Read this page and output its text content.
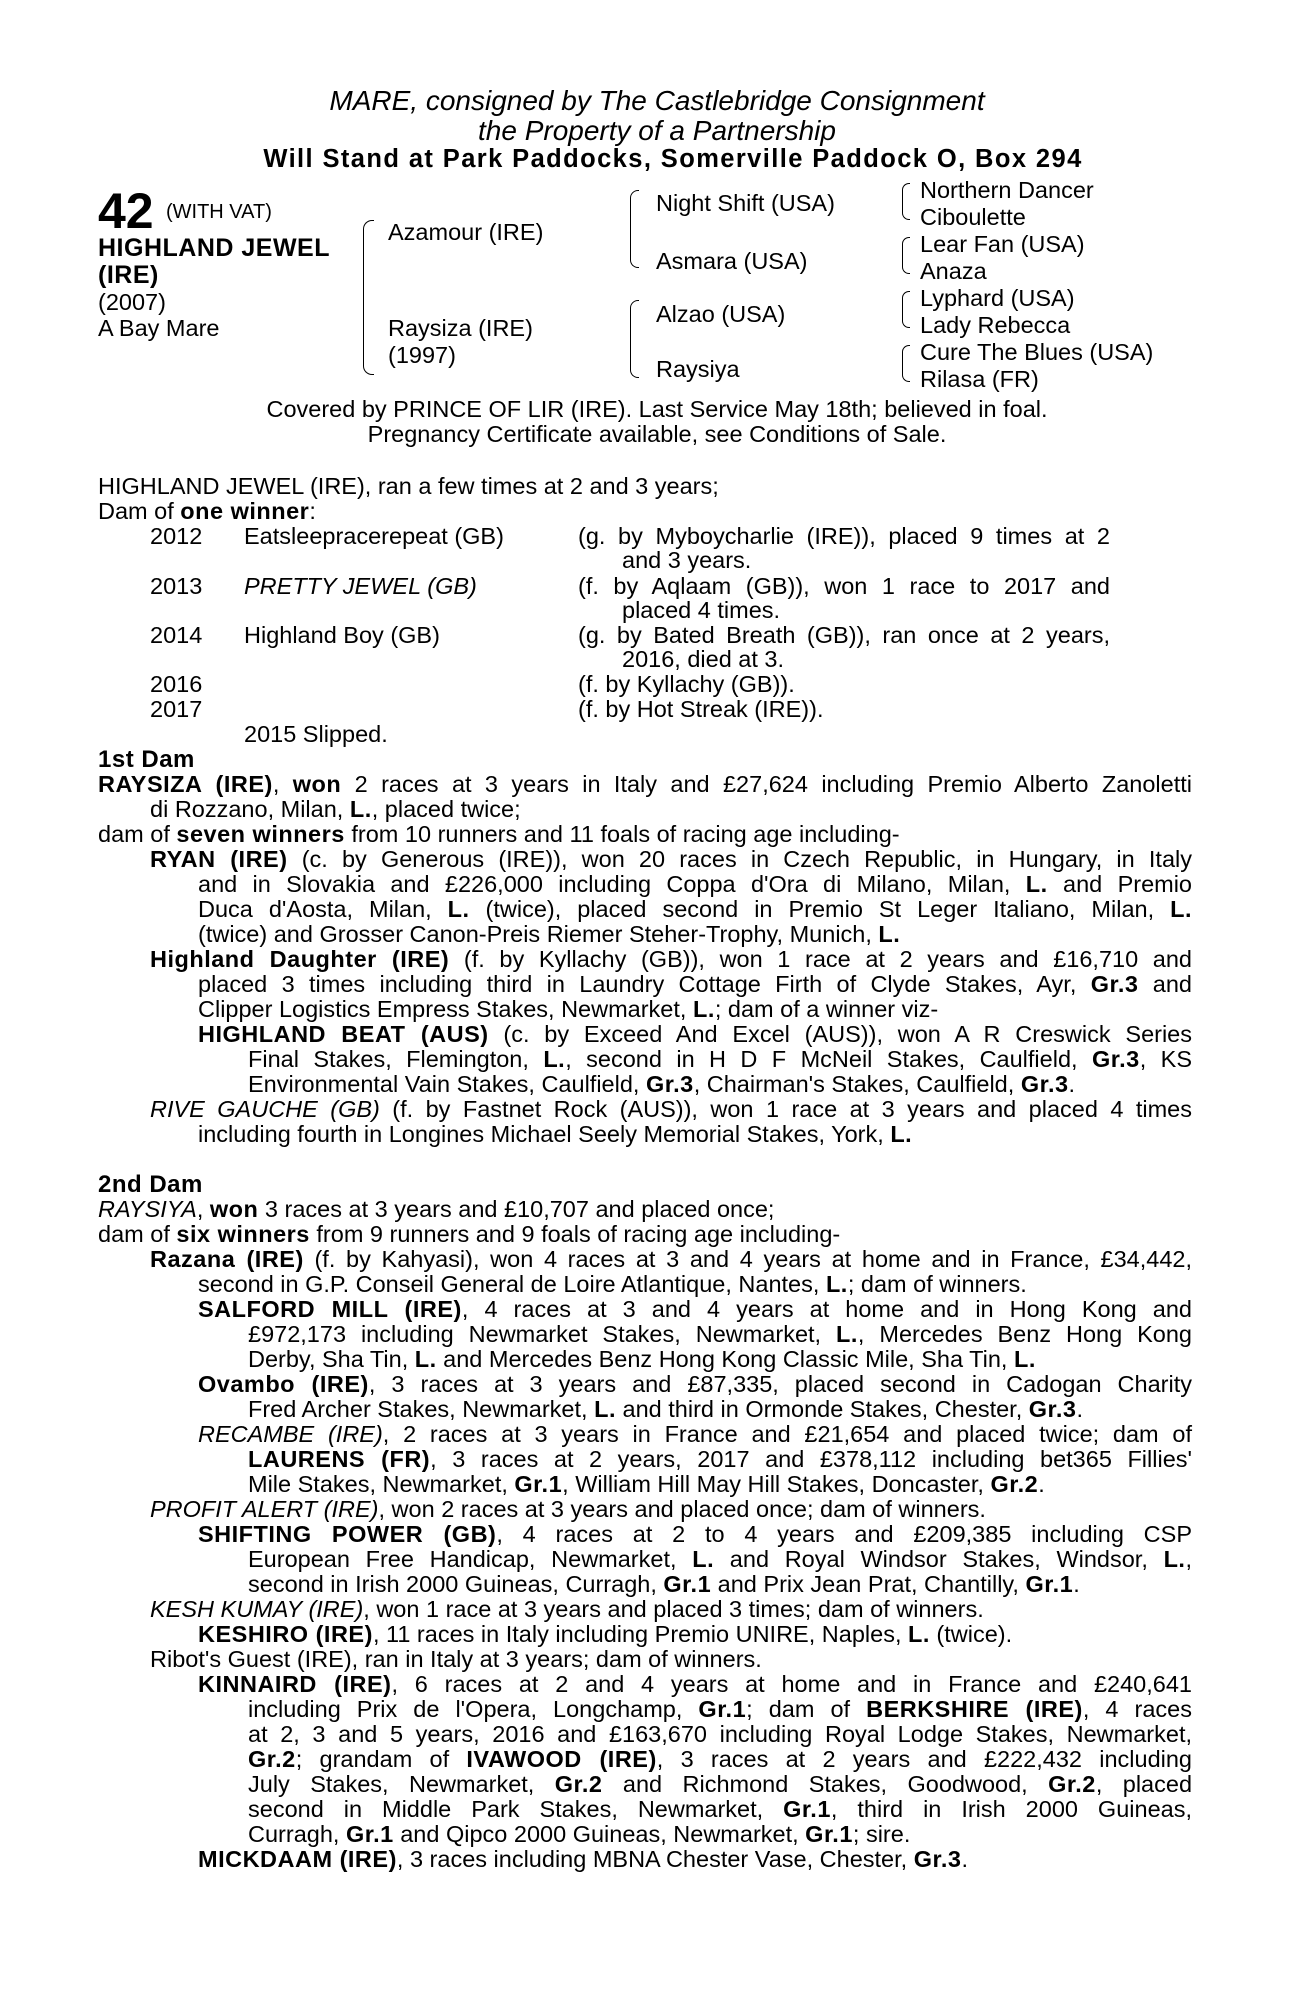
MARE, consigned by The Castlebridge Consignment
the Property of a Partnership
Will Stand at Park Paddocks, Somerville Paddock O, Box 294
42 (WITH VAT)
HIGHLAND JEWEL
(IRE)
(2007)
A Bay Mare
Azamour (IRE)
Raysiza (IRE)
(1997)
Night Shift (USA)
Asmara (USA)
Alzao (USA)
Raysiya
Northern Dancer
Ciboulette
Lear Fan (USA)
Anaza
Lyphard (USA)
Lady Rebecca
Cure The Blues (USA)
Rilasa (FR)
Covered by PRINCE OF LIR (IRE). Last Service May 18th; believed in foal.
Pregnancy Certificate available, see Conditions of Sale.
HIGHLAND JEWEL (IRE), ran a few times at 2 and 3 years;
Dam of one winner:
2012 Eatsleepracerepeat (GB)	(g. by Myboycharlie (IRE)), placed 9 times at 2
and 3 years.
2013 PRETTY JEWEL (GB)	(f. by Aqlaam (GB)), won 1 race to 2017 and
placed 4 times.
2014 Highland Boy (GB)	(g. by Bated Breath (GB)), ran once at 2 years,
2016, died at 3.
2016	(f. by Kyllachy (GB)).
2017	(f. by Hot Streak (IRE)).
2015 Slipped.
1st Dam
RAYSIZA (IRE), won 2 races at 3 years in Italy and £27,624 including Premio Alberto Zanoletti
di Rozzano, Milan, L., placed twice;
dam of seven winners from 10 runners and 11 foals of racing age including-
RYAN (IRE) (c. by Generous (IRE)), won 20 races in Czech Republic, in Hungary, in Italy
and in Slovakia and £226,000 including Coppa d'Ora di Milano, Milan, L. and Premio
Duca d'Aosta, Milan, L. (twice), placed second in Premio St Leger Italiano, Milan, L.
(twice) and Grosser Canon-Preis Riemer Steher-Trophy, Munich, L.
Highland Daughter (IRE) (f. by Kyllachy (GB)), won 1 race at 2 years and £16,710 and
placed 3 times including third in Laundry Cottage Firth of Clyde Stakes, Ayr, Gr.3 and
Clipper Logistics Empress Stakes, Newmarket, L.; dam of a winner viz-
HIGHLAND BEAT (AUS) (c. by Exceed And Excel (AUS)), won A R Creswick Series
Final Stakes, Flemington, L., second in H D F McNeil Stakes, Caulfield, Gr.3, KS
Environmental Vain Stakes, Caulfield, Gr.3, Chairman's Stakes, Caulfield, Gr.3.
RIVE GAUCHE (GB) (f. by Fastnet Rock (AUS)), won 1 race at 3 years and placed 4 times
including fourth in Longines Michael Seely Memorial Stakes, York, L.
2nd Dam
RAYSIYA, won 3 races at 3 years and £10,707 and placed once;
dam of six winners from 9 runners and 9 foals of racing age including-
Razana (IRE) (f. by Kahyasi), won 4 races at 3 and 4 years at home and in France, £34,442,
second in G.P. Conseil General de Loire Atlantique, Nantes, L.; dam of winners.
SALFORD MILL (IRE), 4 races at 3 and 4 years at home and in Hong Kong and
£972,173 including Newmarket Stakes, Newmarket, L., Mercedes Benz Hong Kong
Derby, Sha Tin, L. and Mercedes Benz Hong Kong Classic Mile, Sha Tin, L.
Ovambo (IRE), 3 races at 3 years and £87,335, placed second in Cadogan Charity
Fred Archer Stakes, Newmarket, L. and third in Ormonde Stakes, Chester, Gr.3.
RECAMBE (IRE), 2 races at 3 years in France and £21,654 and placed twice; dam of
LAURENS (FR), 3 races at 2 years, 2017 and £378,112 including bet365 Fillies'
Mile Stakes, Newmarket, Gr.1, William Hill May Hill Stakes, Doncaster, Gr.2.
PROFIT ALERT (IRE), won 2 races at 3 years and placed once; dam of winners.
SHIFTING POWER (GB), 4 races at 2 to 4 years and £209,385 including CSP
European Free Handicap, Newmarket, L. and Royal Windsor Stakes, Windsor, L.,
second in Irish 2000 Guineas, Curragh, Gr.1 and Prix Jean Prat, Chantilly, Gr.1.
KESH KUMAY (IRE), won 1 race at 3 years and placed 3 times; dam of winners.
KESHIRO (IRE), 11 races in Italy including Premio UNIRE, Naples, L. (twice).
Ribot's Guest (IRE), ran in Italy at 3 years; dam of winners.
KINNAIRD (IRE), 6 races at 2 and 4 years at home and in France and £240,641
including Prix de l'Opera, Longchamp, Gr.1; dam of BERKSHIRE (IRE), 4 races
at 2, 3 and 5 years, 2016 and £163,670 including Royal Lodge Stakes, Newmarket,
Gr.2; grandam of IVAWOOD (IRE), 3 races at 2 years and £222,432 including
July Stakes, Newmarket, Gr.2 and Richmond Stakes, Goodwood, Gr.2, placed
second in Middle Park Stakes, Newmarket, Gr.1, third in Irish 2000 Guineas,
Curragh, Gr.1 and Qipco 2000 Guineas, Newmarket, Gr.1; sire.
MICKDAAM (IRE), 3 races including MBNA Chester Vase, Chester, Gr.3.
